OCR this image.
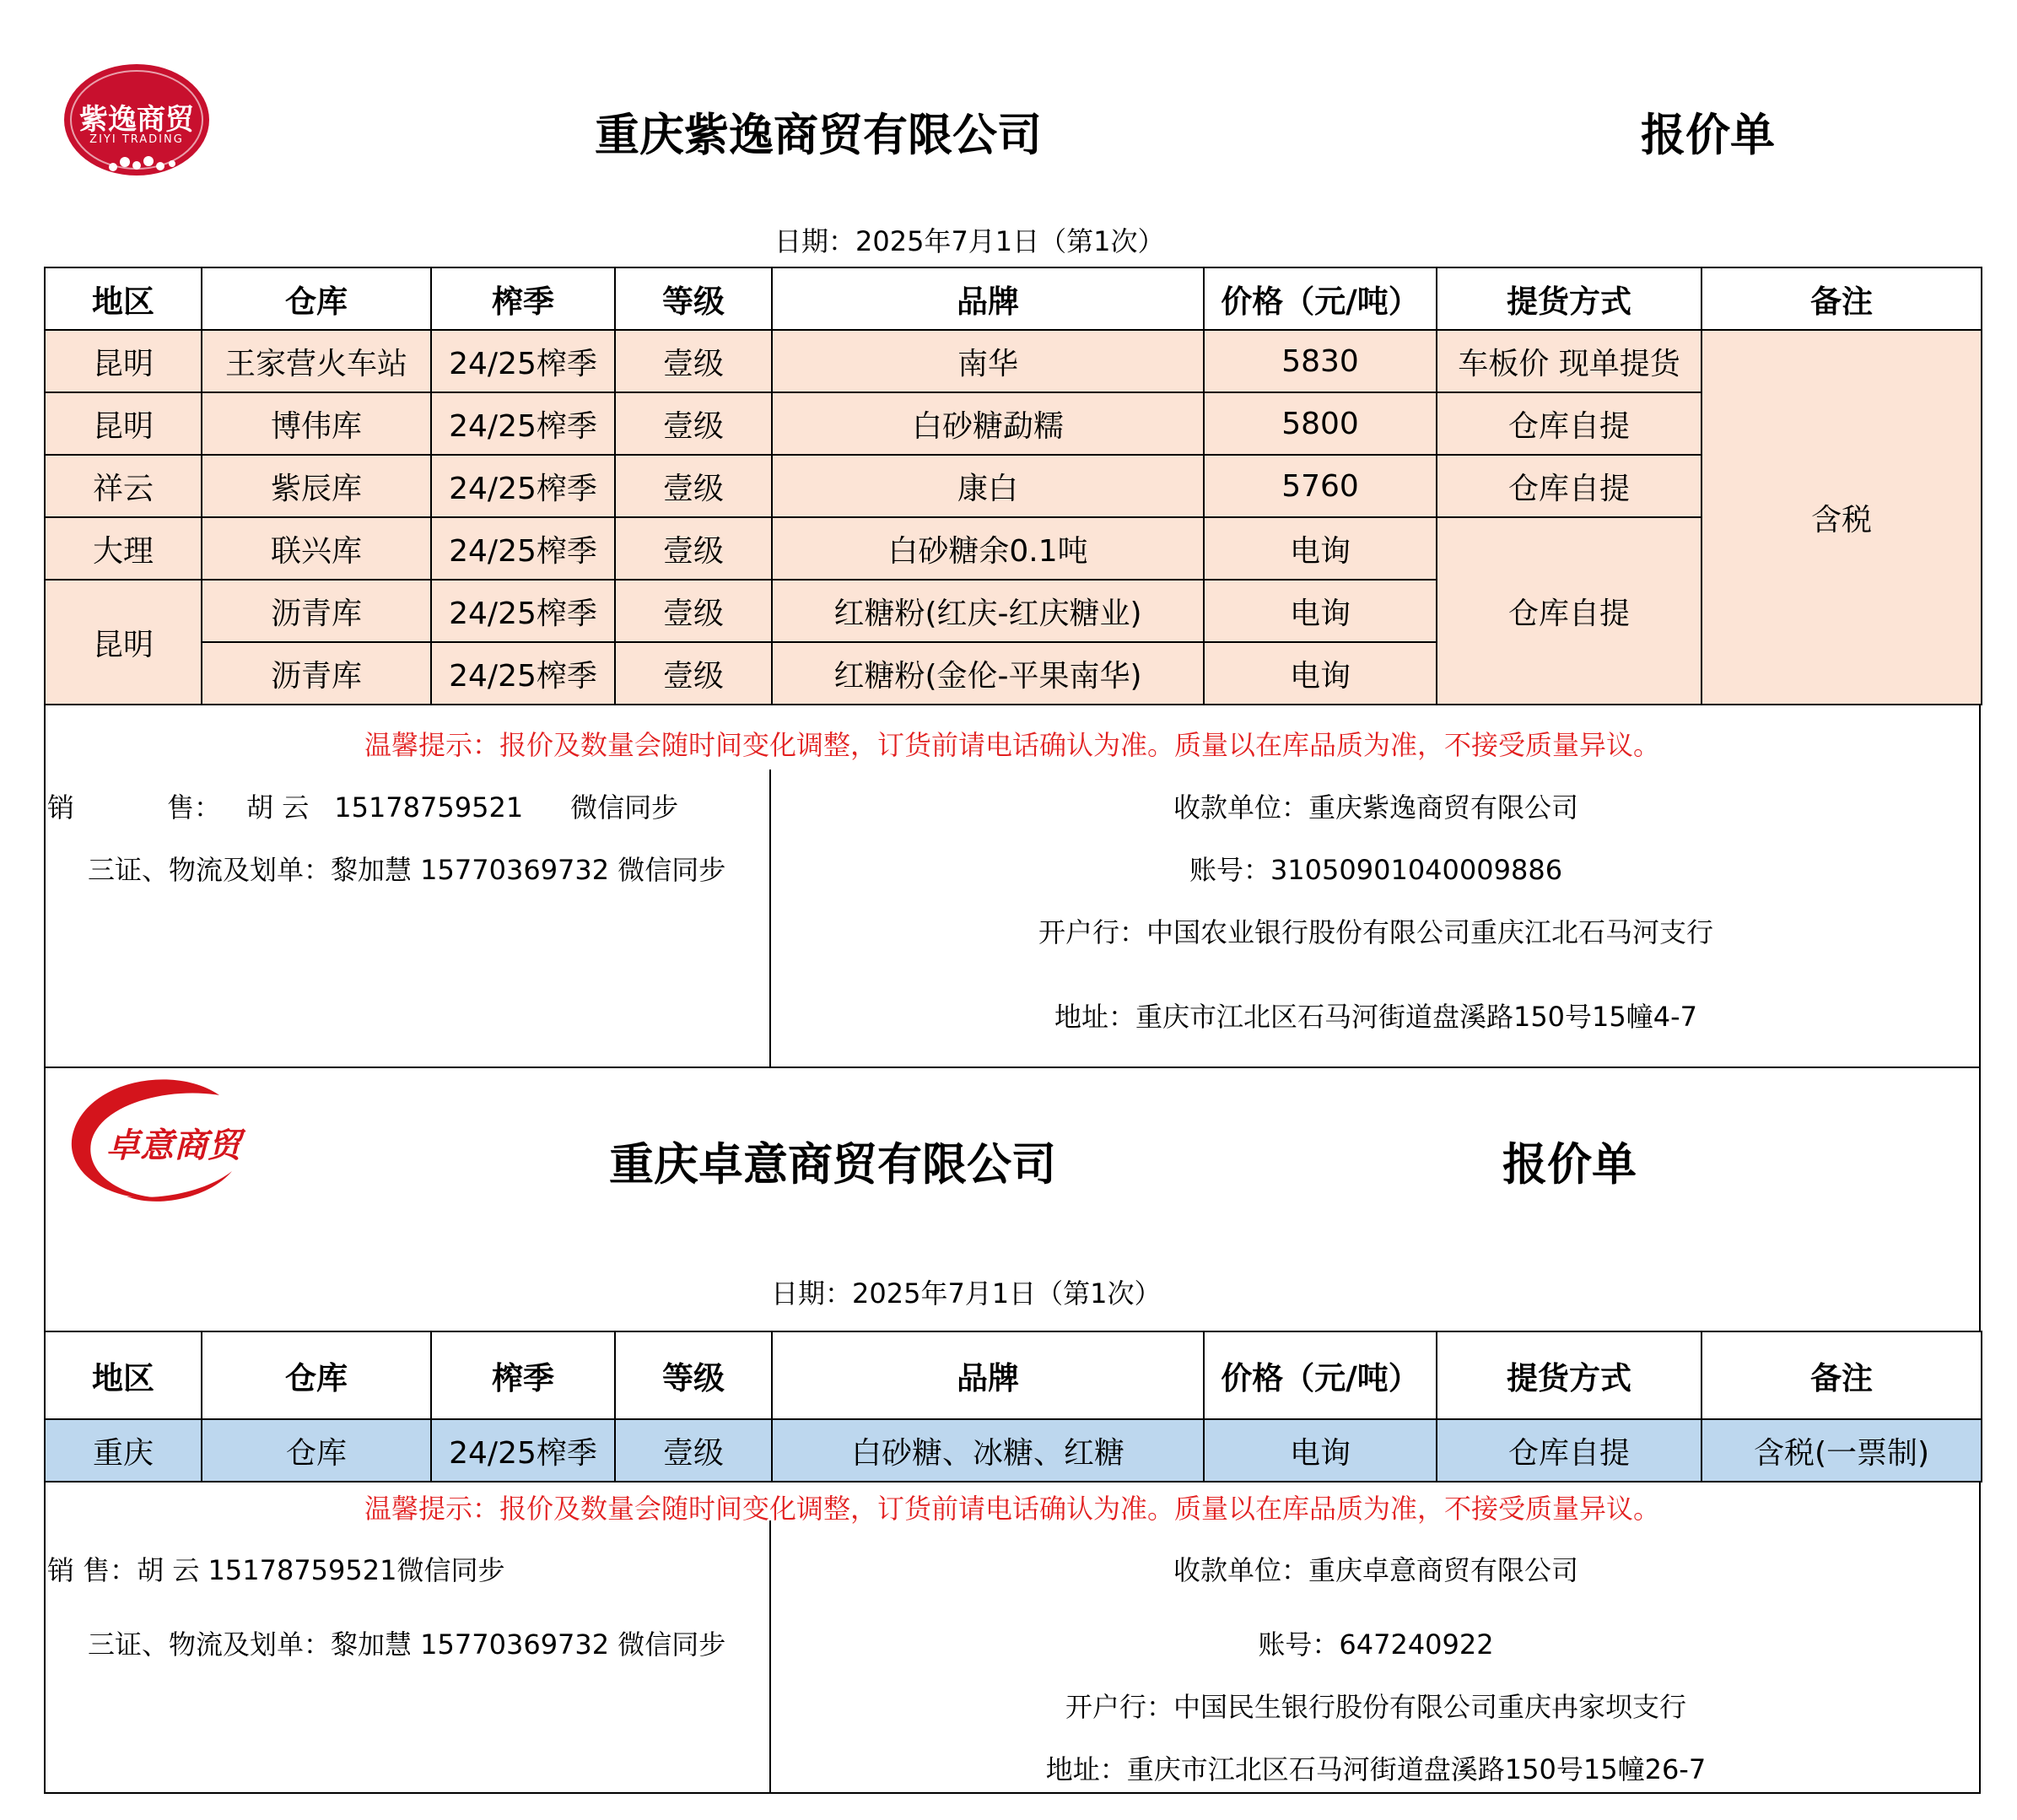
紫逸商贸
ZIYI TRADING	重庆紫逸商贸有限公司	报价单
日期：2025年7月1日（第1次）
地区	仓库	榨季	等级	品牌	价格（元/吨）	提货方式	备注
昆明	王家营火车站	24/25榨季	壹级	南华	5830	车板价 现单提货	含税
昆明	博伟库	24/25榨季	壹级	白砂糖勐糯	5800	仓库自提	
祥云	紫辰库	24/25榨季	壹级	康白	5760	仓库自提	
大理	联兴库	24/25榨季	壹级	白砂糖余0.1吨	电询	仓库自提	
昆明	沥青库	24/25榨季	壹级	红糖粉(红庆-红庆糖业)	电询		
	沥青库	24/25榨季	壹级	红糖粉(金伦-平果南华)	电询		
温馨提示：报价及数量会随时间变化调整，订货前请电话确认为准。质量以在库品质为准，不接受质量异议。
销	售： 胡 云 15178759521 微信同步
三证、物流及划单：黎加慧 15770369732 微信同步
收款单位：重庆紫逸商贸有限公司
账号：31050901040009886
开户行：中国农业银行股份有限公司重庆江北石马河支行
地址：重庆市江北区石马河街道盘溪路150号15幢4-7
卓意商贸	重庆卓意商贸有限公司	报价单
日期：2025年7月1日（第1次）
地区	仓库	榨季	等级	品牌	价格（元/吨）	提货方式	备注
重庆	仓库	24/25榨季	壹级	白砂糖、冰糖、红糖	电询	仓库自提	含税(一票制)
温馨提示：报价及数量会随时间变化调整，订货前请电话确认为准。质量以在库品质为准，不接受质量异议。
销 售：胡 云 15178759521微信同步
三证、物流及划单：黎加慧 15770369732 微信同步
收款单位：重庆卓意商贸有限公司
账号：647240922
开户行：中国民生银行股份有限公司重庆冉家坝支行
地址：重庆市江北区石马河街道盘溪路150号15幢26-7
